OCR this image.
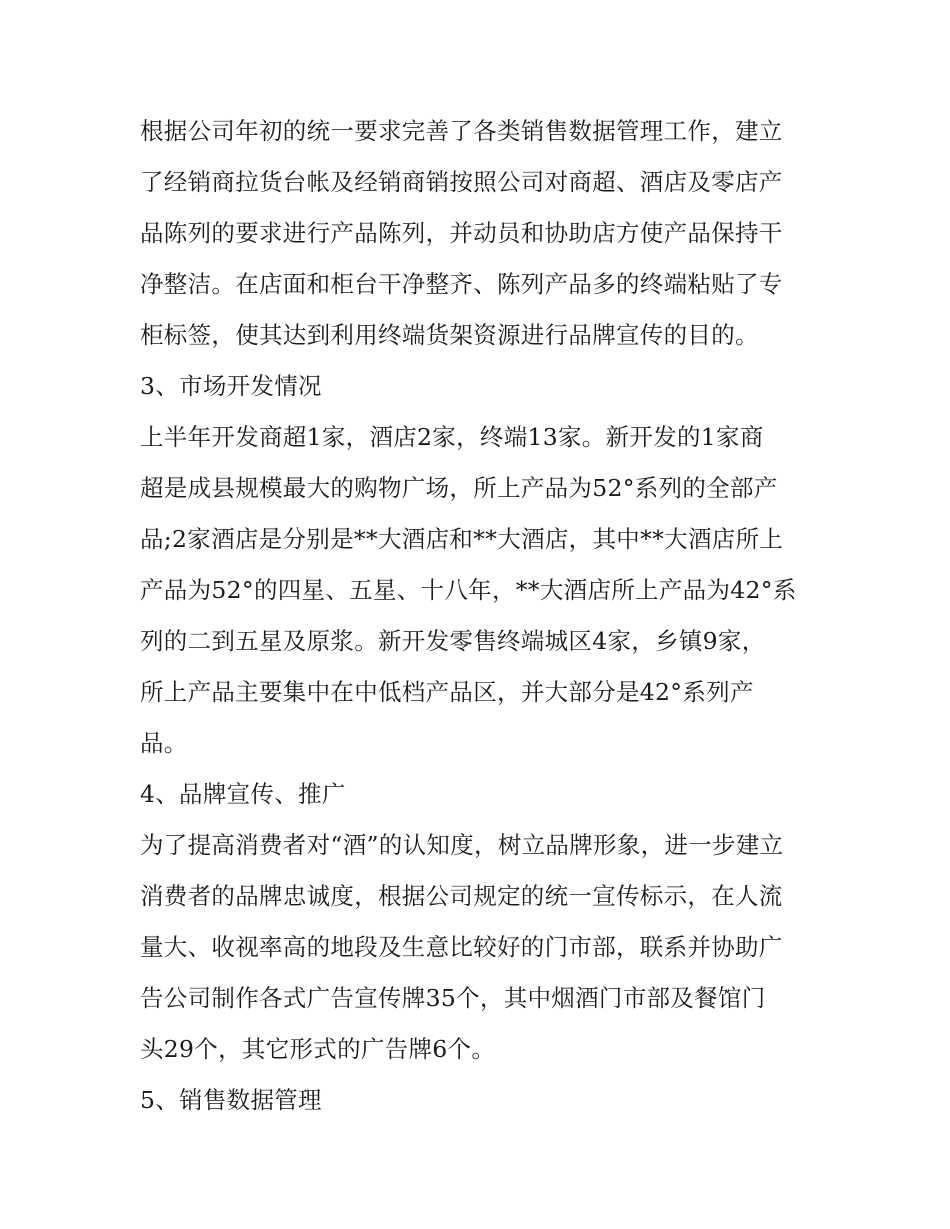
根据公司年初的统一要求完善了各类销售数据管理工作，建立
了经销商拉货台帐及经销商销按照公司对商超、酒店及零店产
品陈列的要求进行产品陈列，并动员和协助店方使产品保持干
净整洁。在店面和柜台干净整齐、陈列产品多的终端粘贴了专
柜标签，使其达到利用终端货架资源进行品牌宣传的目的。
3、市场开发情况
上半年开发商超1家，酒店2家，终端13家。新开发的1家商
超是成县规模最大的购物广场，所上产品为52°系列的全部产
品;2家酒店是分别是**大酒店和**大酒店，其中**大酒店所上
产品为52°的四星、五星、十八年，**大酒店所上产品为42°系
列的二到五星及原浆。新开发零售终端城区4家，乡镇9家，
所上产品主要集中在中低档产品区，并大部分是42°系列产
品。
4、品牌宣传、推广
为了提高消费者对“酒”的认知度，树立品牌形象，进一步建立
消费者的品牌忠诚度，根据公司规定的统一宣传标示，在人流
量大、收视率高的地段及生意比较好的门市部，联系并协助广
告公司制作各式广告宣传牌35个，其中烟酒门市部及餐馆门
头29个，其它形式的广告牌6个。
5、销售数据管理
